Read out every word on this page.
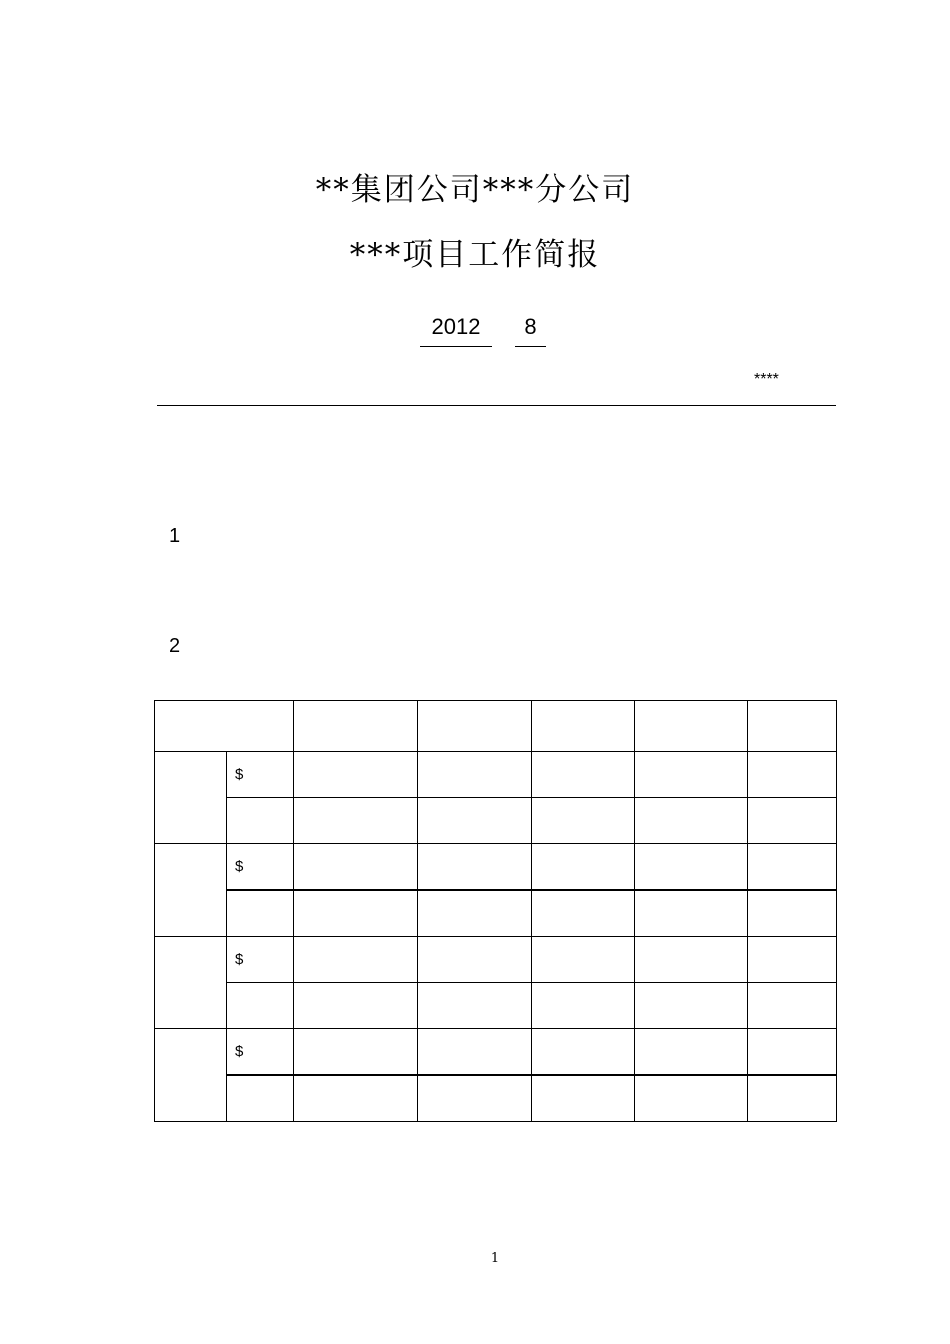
**集团公司***分公司
***项目工作简报
2012	8
****
1
2

	$					

	$					

	$					

	$					

1
